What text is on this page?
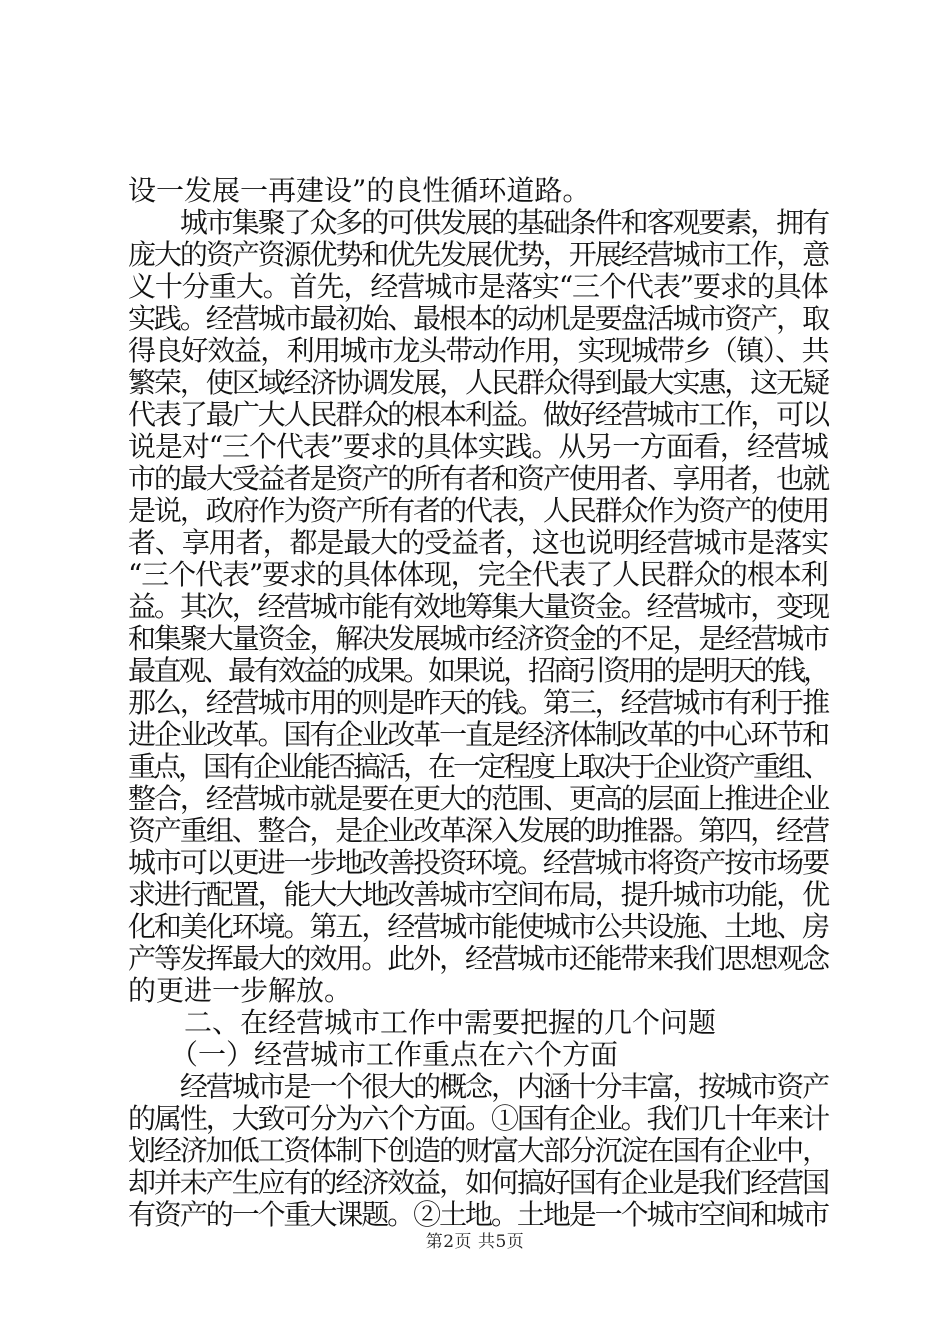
设一发展一再建设”的良性循环道路。
　　城市集聚了众多的可供发展的基础条件和客观要素，拥有
庞大的资产资源优势和优先发展优势，开展经营城市工作，意
义十分重大。首先，经营城市是落实“三个代表”要求的具体
实践。经营城市最初始、最根本的动机是要盘活城市资产，取
得良好效益，利用城市龙头带动作用，实现城带乡（镇）、共
繁荣，使区域经济协调发展，人民群众得到最大实惠，这无疑
代表了最广大人民群众的根本利益。做好经营城市工作，可以
说是对“三个代表”要求的具体实践。从另一方面看，经营城
市的最大受益者是资产的所有者和资产使用者、享用者，也就
是说，政府作为资产所有者的代表，人民群众作为资产的使用
者、享用者，都是最大的受益者，这也说明经营城市是落实
“三个代表”要求的具体体现，完全代表了人民群众的根本利
益。其次，经营城市能有效地筹集大量资金。经营城市，变现
和集聚大量资金，解决发展城市经济资金的不足，是经营城市
最直观、最有效益的成果。如果说，招商引资用的是明天的钱，
那么，经营城市用的则是昨天的钱。第三，经营城市有利于推
进企业改革。国有企业改革一直是经济体制改革的中心环节和
重点，国有企业能否搞活，在一定程度上取决于企业资产重组、
整合，经营城市就是要在更大的范围、更高的层面上推进企业
资产重组、整合，是企业改革深入发展的助推器。第四，经营
城市可以更进一步地改善投资环境。经营城市将资产按市场要
求进行配置，能大大地改善城市空间布局，提升城市功能，优
化和美化环境。第五，经营城市能使城市公共设施、土地、房
产等发挥最大的效用。此外，经营城市还能带来我们思想观念
的更进一步解放。
　　二、在经营城市工作中需要把握的几个问题
　　（一）经营城市工作重点在六个方面
　　经营城市是一个很大的概念，内涵十分丰富，按城市资产
的属性，大致可分为六个方面。①国有企业。我们几十年来计
划经济加低工资体制下创造的财富大部分沉淀在国有企业中，
却并未产生应有的经济效益，如何搞好国有企业是我们经营国
有资产的一个重大课题。②土地。土地是一个城市空间和城市
第2页 共5页
